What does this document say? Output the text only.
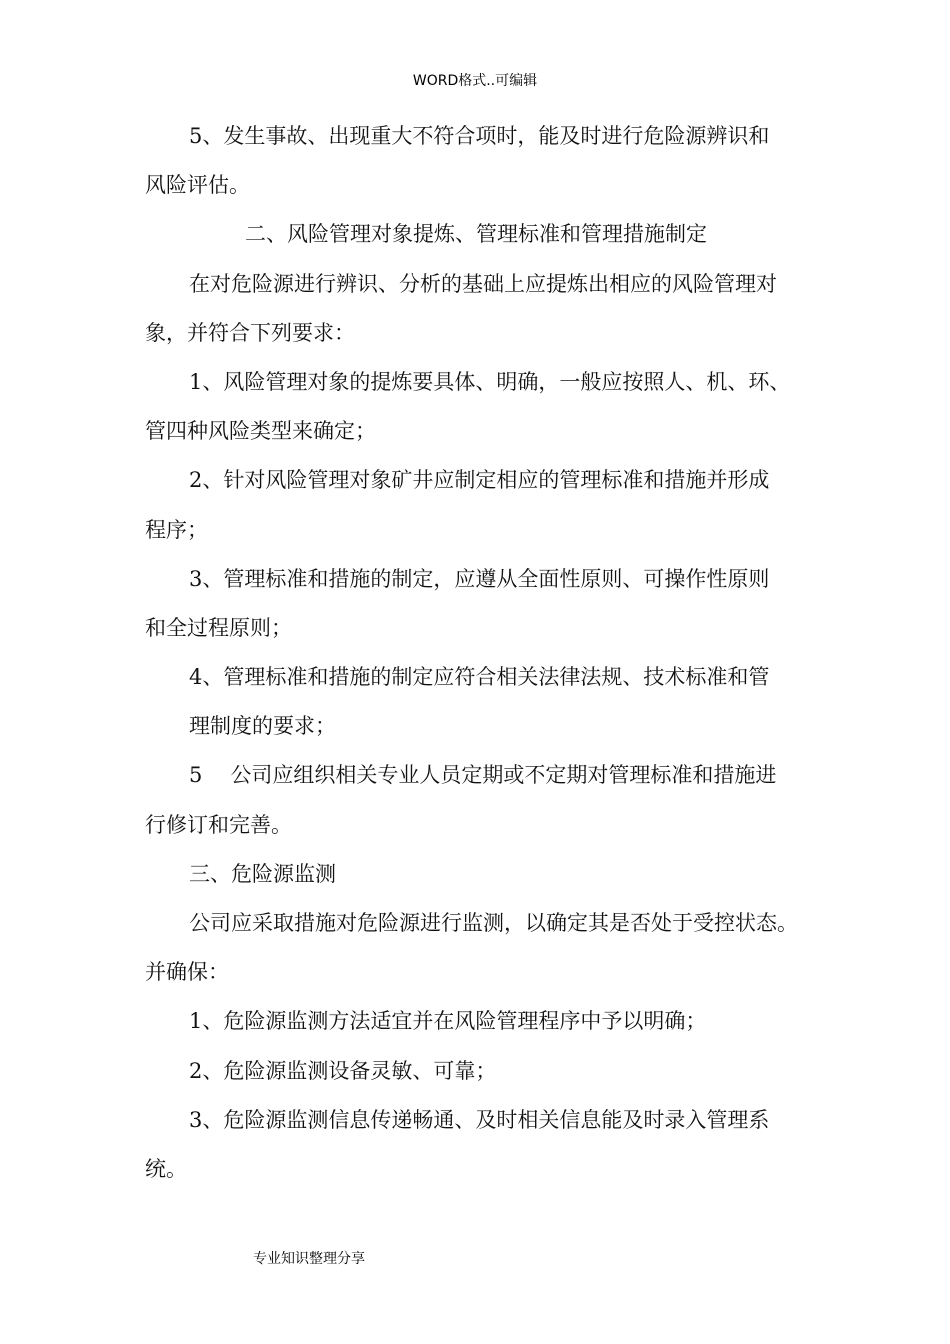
WORD格式..可编辑
5、发生事故、出现重大不符合项时，能及时进行危险源辨识和
风险评估。
二、风险管理对象提炼、管理标准和管理措施制定
在对危险源进行辨识、分析的基础上应提炼出相应的风险管理对
象，并符合下列要求：
1、风险管理对象的提炼要具体、明确，一般应按照人、机、环、
管四种风险类型来确定；
2、针对风险管理对象矿井应制定相应的管理标准和措施并形成
程序；
3、管理标准和措施的制定，应遵从全面性原则、可操作性原则
和全过程原则；
4、管理标准和措施的制定应符合相关法律法规、技术标准和管
理制度的要求；
5 公司应组织相关专业人员定期或不定期对管理标准和措施进
行修订和完善。
三、危险源监测
公司应采取措施对危险源进行监测，以确定其是否处于受控状态。
并确保：
1、危险源监测方法适宜并在风险管理程序中予以明确；
2、危险源监测设备灵敏、可靠；
3、危险源监测信息传递畅通、及时相关信息能及时录入管理系
统。
专业知识整理分享
